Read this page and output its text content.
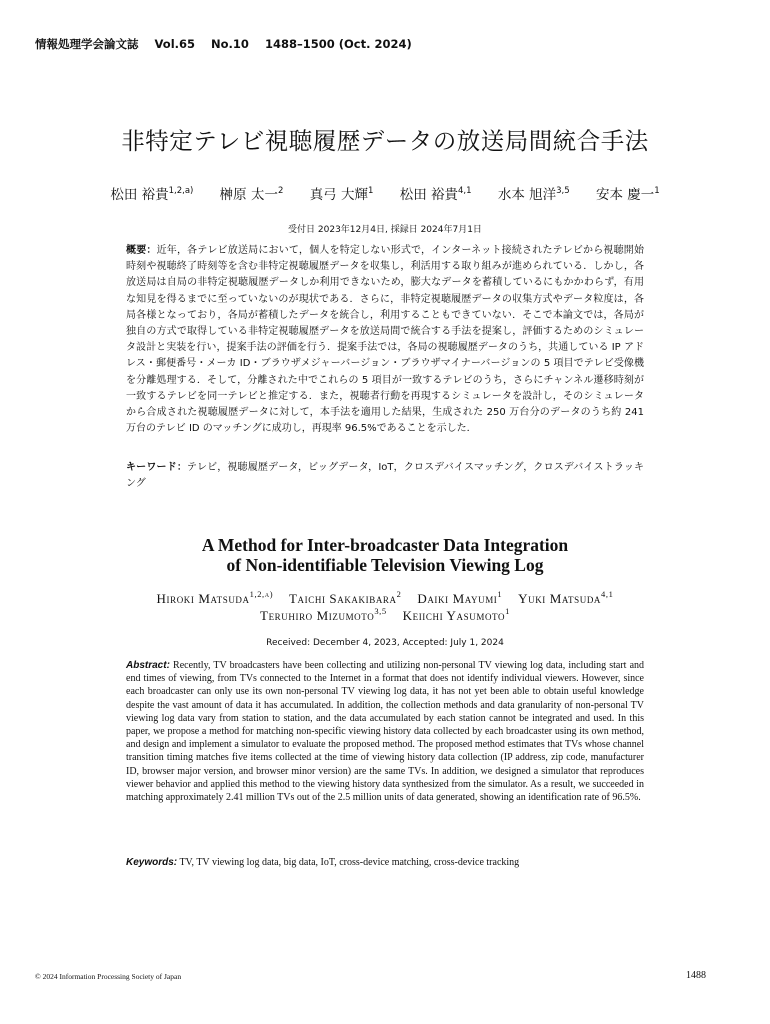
情報処理学会論文誌 Vol.65 No.10 1488–1500 (Oct. 2024)
非特定テレビ視聴履歴データの放送局間統合手法
松田 裕貴$^{1,2,a)}$ 榊原 太一$^2$ 真弓 大輝$^1$ 松田 裕貴$^{4,1}$ 水本 旭洋$^{3,5}$ 安本 慶一$^1$
受付日 2023年12月4日, 採録日 2024年7月1日
概要：近年，各テレビ放送局において，個人を特定しない形式で，インターネット接続されたテレビから視聴開始時刻や視聴終了時刻等を含む非特定視聴履歴データを収集し，利活用する取り組みが進められている．しかし，各放送局は自局の非特定視聴履歴データしか利用できないため，膨大なデータを蓄積しているにもかかわらず，有用な知見を得るまでに至っていないのが現状である．さらに，非特定視聴履歴データの収集方式やデータ粒度は，各局各様となっており，各局が蓄積したデータを統合し，利用することもできていない．そこで本論文では，各局が独自の方式で取得している非特定視聴履歴データを放送局間で統合する手法を提案し，評価するためのシミュレータ設計と実装を行い，提案手法の評価を行う．提案手法では，各局の視聴履歴データのうち，共通している IP アドレス・郵便番号・メーカ ID・ブラウザメジャーバージョン・ブラウザマイナーバージョンの 5 項目でテレビ受像機を分離処理する．そして，分離された中でこれらの 5 項目が一致するテレビのうち，さらにチャンネル遷移時刻が一致するテレビを同一テレビと推定する．また，視聴者行動を再現するシミュレータを設計し，そのシミュレータから合成された視聴履歴データに対して，本手法を適用した結果，生成された 250 万台分のデータのうち約 241 万台のテレビ ID のマッチングに成功し，再現率 96.5%であることを示した．
キーワード：テレビ，視聴履歴データ，ビッグデータ，IoT，クロスデバイスマッチング，クロスデバイストラッキング
A Method for Inter-broadcaster Data Integration
of Non-identifiable Television Viewing Log
Hiroki Matsuda$^{1,2,a)}$ Taichi Sakakibara$^2$ Daiki Mayumi$^1$ Yuki Matsuda$^{4,1}$
Teruhiro Mizumoto$^{3,5}$ Keiichi Yasumoto$^1$
Received: December 4, 2023, Accepted: July 1, 2024
Abstract: Recently, TV broadcasters have been collecting and utilizing non-personal TV viewing log data, including start and end times of viewing, from TVs connected to the Internet in a format that does not identify individual viewers. However, since each broadcaster can only use its own non-personal TV viewing log data, it has not yet been able to obtain useful knowledge despite the vast amount of data it has accumulated. In addition, the collection methods and data granularity of non-personal TV viewing log data vary from station to station, and the data accumulated by each station cannot be integrated and used. In this paper, we propose a method for matching non-specific viewing history data collected by each broadcaster using its own method, and design and implement a simulator to evaluate the proposed method. The proposed method estimates that TVs whose channel transition timing matches five items collected at the time of viewing history data collection (IP address, zip code, manufacturer ID, browser major version, and browser minor version) are the same TVs. In addition, we designed a simulator that reproduces viewer behavior and applied this method to the viewing history data synthesized from the simulator. As a result, we succeeded in matching approximately 2.41 million TVs out of the 2.5 million units of data generated, showing an identification rate of 96.5%.
Keywords: TV, TV viewing log data, big data, IoT, cross-device matching, cross-device tracking
© 2024 Information Processing Society of Japan	1488
